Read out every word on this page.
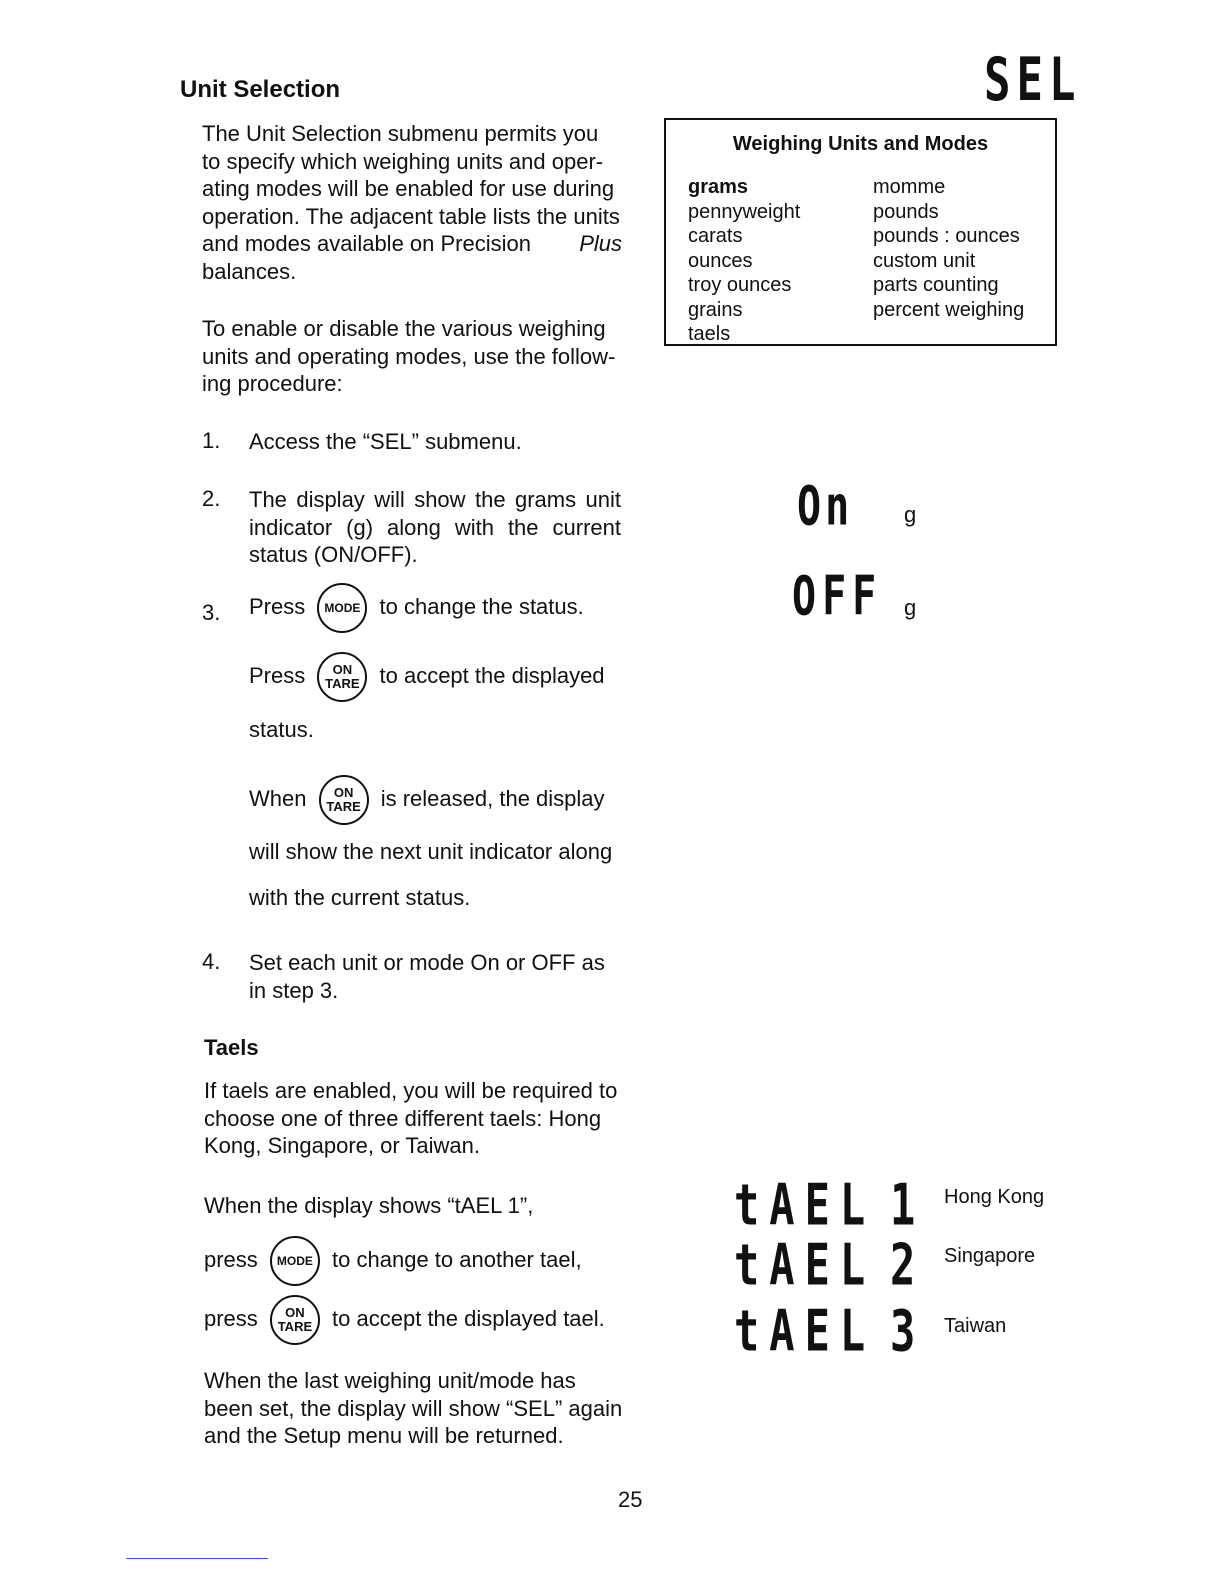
Unit Selection	SEL

The Unit Selection submenu permits you

to specify which weighing units and oper-

ating modes will be enabled for use during

operation. The adjacent table lists the units

and modes available on Precision Plus

balances.

To enable or disable the various weighing

units and operating modes, use the follow-

ing procedure:

Weighing Units and Modes
grams
pennyweight
carats
ounces
troy ounces
grains
taels
momme
pounds
pounds : ounces
custom unit
parts counting
percent weighing
1. Access the “SEL” submenu.
2. The display will show the grams unit

indicator (g) along with the current

status (ON/OFF).

3. Press MODE to change the status.
Press ON
TARE to accept the displayed
status.
When ON
TARE is released, the display
will show the next unit indicator along
with the current status.
4. Set each unit or mode On or OFF as

in step 3.

On g
OFF g
Taels

If taels are enabled, you will be required to

choose one of three different taels: Hong

Kong, Singapore, or Taiwan.

When the display shows “tAEL 1”,
press MODE to change to another tael,
press ON
TARE to accept the displayed tael.

When the last weighing unit/mode has

been set, the display will show “SEL” again

and the Setup menu will be returned.

tAEL 1 Hong Kong
tAEL 2 Singapore
tAEL 3 Taiwan
25
